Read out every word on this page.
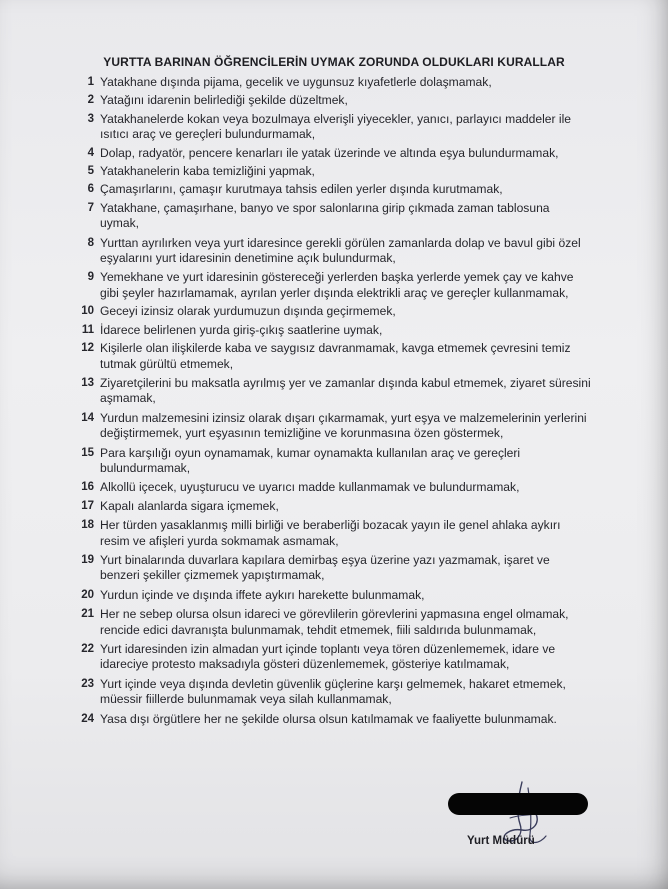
YURTTA BARINAN ÖĞRENCİLERİN UYMAK ZORUNDA OLDUKLARI KURALLAR
1 Yatakhane dışında pijama, gecelik ve uygunsuz kıyafetlerle dolaşmamak,
2 Yatağını idarenin belirlediği şekilde düzeltmek,
3 Yatakhanelerde kokan veya bozulmaya elverişli yiyecekler, yanıcı, parlayıcı maddeler ile ısıtıcı araç ve gereçleri bulundurmamak,
4 Dolap, radyatör, pencere kenarları ile yatak üzerinde ve altında eşya bulundurmamak,
5 Yatakhanelerin kaba temizliğini yapmak,
6 Çamaşırlarını, çamaşır kurutmaya tahsis edilen yerler dışında kurutmamak,
7 Yatakhane, çamaşırhane, banyo ve spor salonlarına girip çıkmada zaman tablosuna uymak,
8 Yurttan ayrılırken veya yurt idaresince gerekli görülen zamanlarda dolap ve bavul gibi özel eşyalarını yurt idaresinin denetimine açık bulundurmak,
9 Yemekhane ve yurt idaresinin göstereceği yerlerden başka yerlerde yemek çay ve kahve gibi şeyler hazırlamamak, ayrılan yerler dışında elektrikli araç ve gereçler kullanmamak,
10 Geceyi izinsiz olarak yurdumuzun dışında geçirmemek,
11 İdarece belirlenen yurda giriş-çıkış saatlerine uymak,
12 Kişilerle olan ilişkilerde kaba ve saygısız davranmamak, kavga etmemek çevresini temiz tutmak gürültü etmemek,
13 Ziyaretçilerini bu maksatla ayrılmış yer ve zamanlar dışında kabul etmemek, ziyaret süresini aşmamak,
14 Yurdun malzemesini izinsiz olarak dışarı çıkarmamak, yurt eşya ve malzemelerinin yerlerini değiştirmemek, yurt eşyasının temizliğine ve korunmasına özen göstermek,
15 Para karşılığı oyun oynamamak, kumar oynamakta kullanılan araç ve gereçleri bulundurmamak,
16 Alkollü içecek, uyuşturucu ve uyarıcı madde kullanmamak ve bulundurmamak,
17 Kapalı alanlarda sigara içmemek,
18 Her türden yasaklanmış milli birliği ve beraberliği bozacak yayın ile genel ahlaka aykırı resim ve afişleri yurda sokmamak asmamak,
19 Yurt binalarında duvarlara kapılara demirbaş eşya üzerine yazı yazmamak, işaret ve benzeri şekiller çizmemek yapıştırmamak,
20 Yurdun içinde ve dışında iffete aykırı harekette bulunmamak,
21 Her ne sebep olursa olsun idareci ve görevlilerin görevlerini yapmasına engel olmamak, rencide edici davranışta bulunmamak, tehdit etmemek, fiili saldırıda bulunmamak,
22 Yurt idaresinden izin almadan yurt içinde toplantı veya tören düzenlememek, idare ve idareciye protesto maksadıyla gösteri düzenlememek, gösteriye katılmamak,
23 Yurt içinde veya dışında devletin güvenlik güçlerine karşı gelmemek, hakaret etmemek, müessir fiillerde bulunmamak veya silah kullanmamak,
24 Yasa dışı örgütlere her ne şekilde olursa olsun katılmamak ve faaliyette bulunmamak.
Yurt Müdürü
